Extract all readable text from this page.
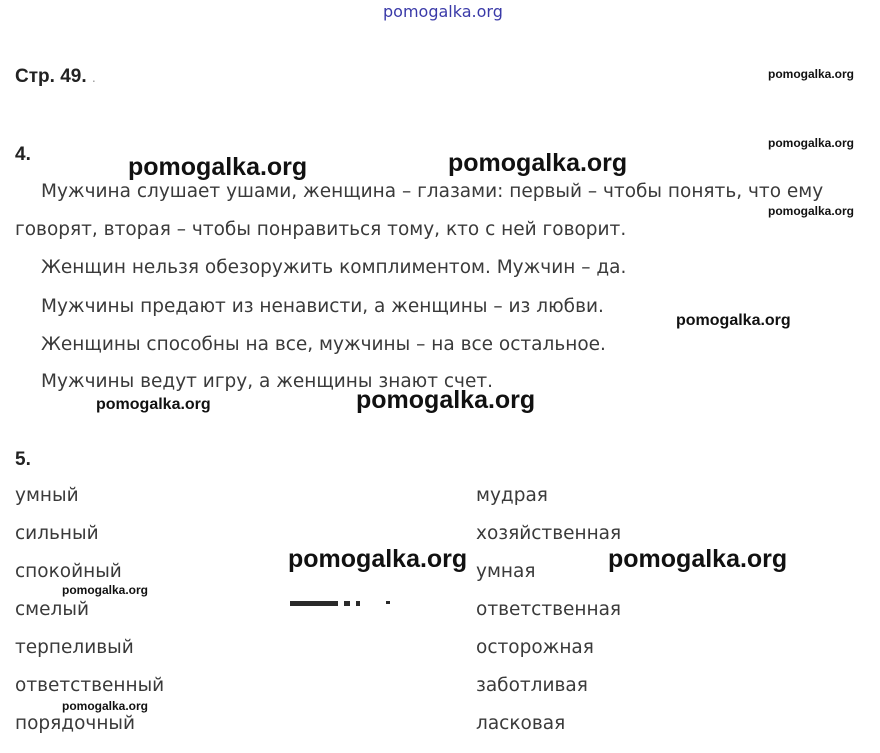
pomogalka.org
Стр. 49. .
4.
Мужчина слушает ушами, женщина – глазами: первый – чтобы понять, что ему
говорят, вторая – чтобы понравиться тому, кто с ней говорит.
Женщин нельзя обезоружить комплиментом. Мужчин – да.
Мужчины предают из ненависти, а женщины – из любви.
Женщины способны на все, мужчины – на все остальное.
Мужчины ведут игру, а женщины знают счет.
5.
умный
сильный
спокойный
смелый
терпеливый
ответственный
порядочный
мудрая
хозяйственная
умная
ответственная
осторожная
заботливая
ласковая
pomogalka.org
pomogalka.org
pomogalka.org
pomogalka.org
pomogalka.org
pomogalka.org
pomogalka.org
pomogalka.org	pomogalka.org
pomogalka.org
pomogalka.org	pomogalka.org
